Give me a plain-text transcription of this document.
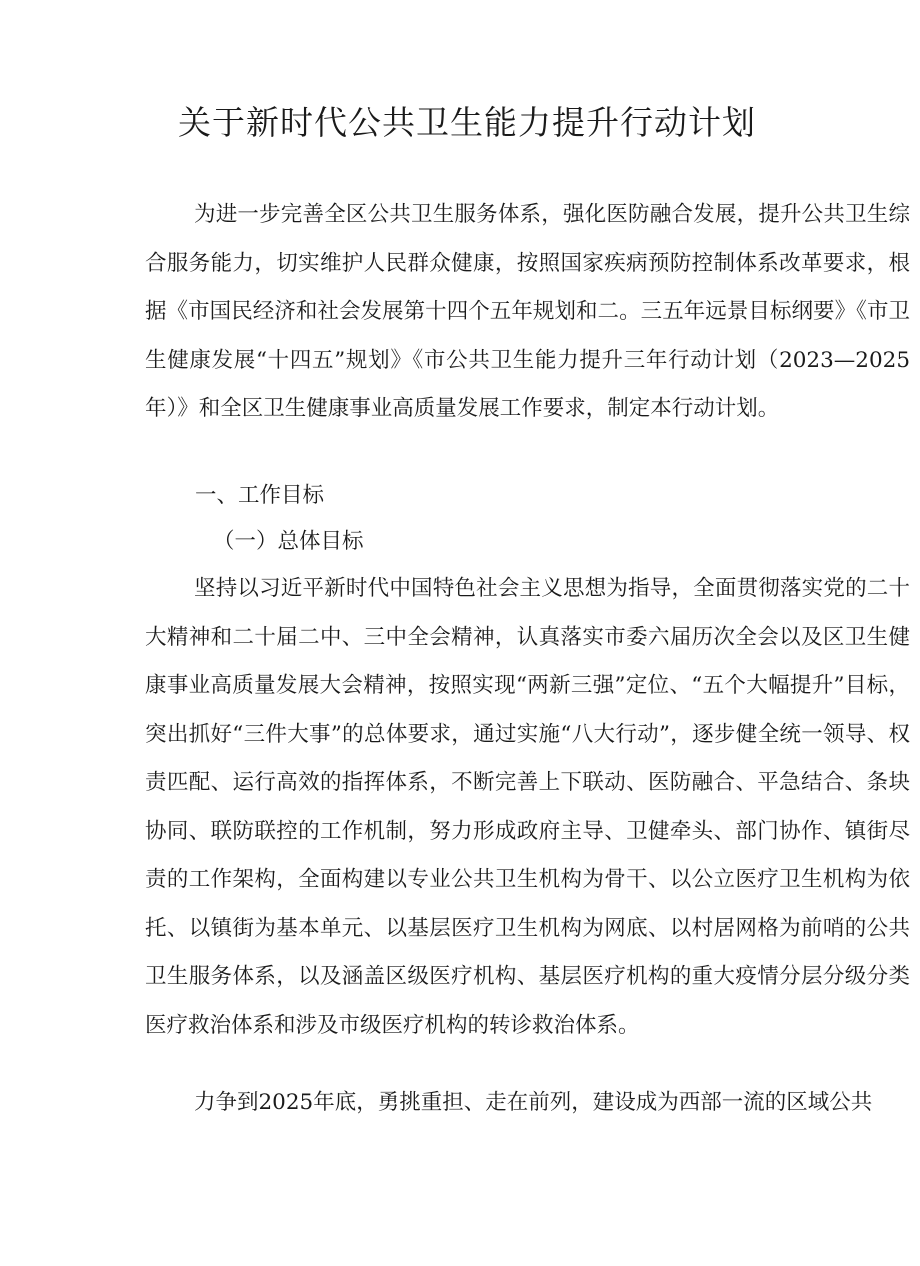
关于新时代公共卫生能力提升行动计划

为进一步完善全区公共卫生服务体系，强化医防融合发展，提升公共卫生综合服务能力，切实维护人民群众健康，按照国家疾病预防控制体系改革要求，根据《市国民经济和社会发展第十四个五年规划和二。三五年远景目标纲要》《市卫生健康发展“十四五”规划》《市公共卫生能力提升三年行动计划（2023—2025年）》和全区卫生健康事业高质量发展工作要求，制定本行动计划。

一、工作目标

（一）总体目标

坚持以习近平新时代中国特色社会主义思想为指导，全面贯彻落实党的二十大精神和二十届二中、三中全会精神，认真落实市委六届历次全会以及区卫生健康事业高质量发展大会精神，按照实现“两新三强”定位、“五个大幅提升”目标，突出抓好“三件大事”的总体要求，通过实施“八大行动”，逐步健全统一领导、权责匹配、运行高效的指挥体系，不断完善上下联动、医防融合、平急结合、条块协同、联防联控的工作机制，努力形成政府主导、卫健牵头、部门协作、镇街尽责的工作架构，全面构建以专业公共卫生机构为骨干、以公立医疗卫生机构为依托、以镇街为基本单元、以基层医疗卫生机构为网底、以村居网格为前哨的公共卫生服务体系，以及涵盖区级医疗机构、基层医疗机构的重大疫情分层分级分类医疗救治体系和涉及市级医疗机构的转诊救治体系。

力争到2025年底，勇挑重担、走在前列，建设成为西部一流的区域公共
